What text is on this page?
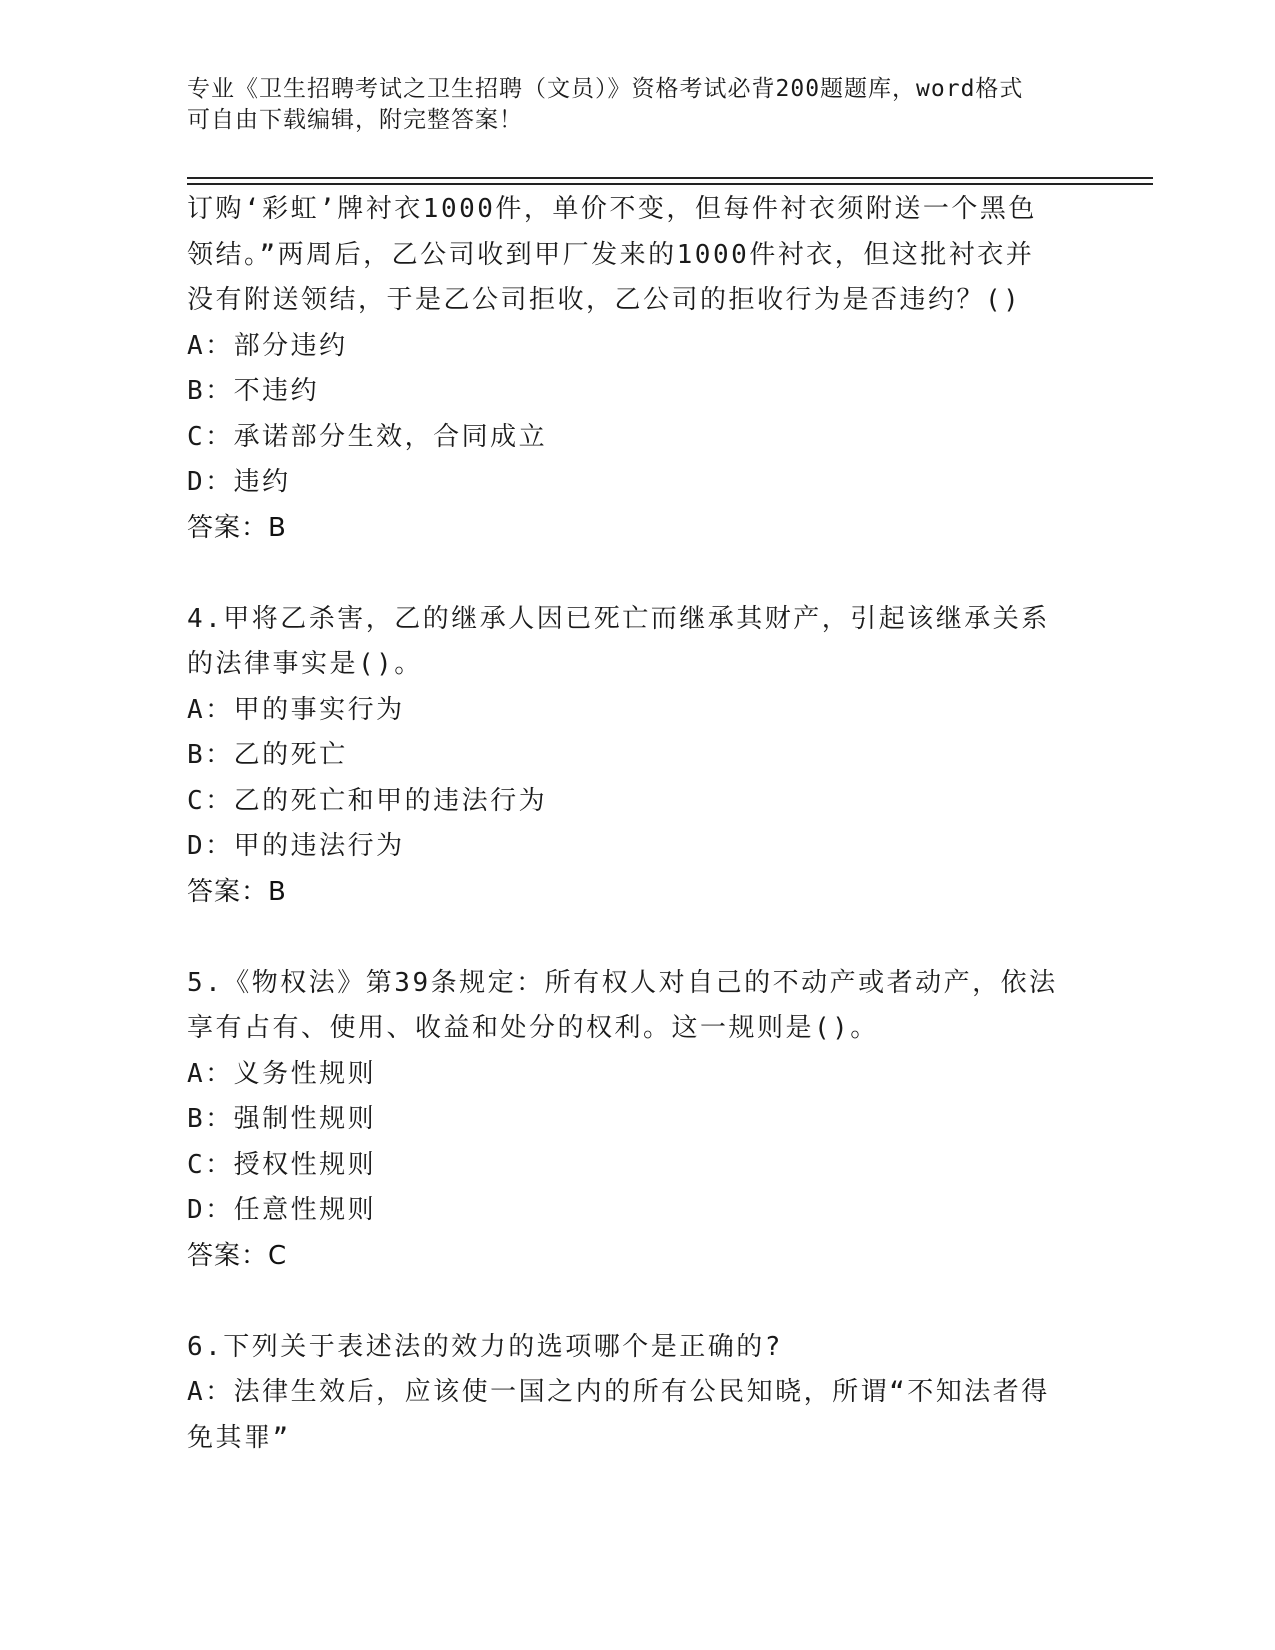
专业《卫生招聘考试之卫生招聘（文员）》资格考试必背200题题库，word格式
可自由下载编辑，附完整答案！
订购‘彩虹’牌衬衣1000件，单价不变，但每件衬衣须附送一个黑色
领结。”两周后，乙公司收到甲厂发来的1000件衬衣，但这批衬衣并
没有附送领结，于是乙公司拒收，乙公司的拒收行为是否违约？()
A：部分违约
B：不违约
C：承诺部分生效，合同成立
D：违约
答案：B
4.甲将乙杀害，乙的继承人因已死亡而继承其财产，引起该继承关系
的法律事实是()。
A：甲的事实行为
B：乙的死亡
C：乙的死亡和甲的违法行为
D：甲的违法行为
答案：B
5.《物权法》第39条规定：所有权人对自己的不动产或者动产，依法
享有占有、使用、收益和处分的权利。这一规则是()。
A：义务性规则
B：强制性规则
C：授权性规则
D：任意性规则
答案：C
6.下列关于表述法的效力的选项哪个是正确的?
A：法律生效后，应该使一国之内的所有公民知晓，所谓“不知法者得
免其罪”
